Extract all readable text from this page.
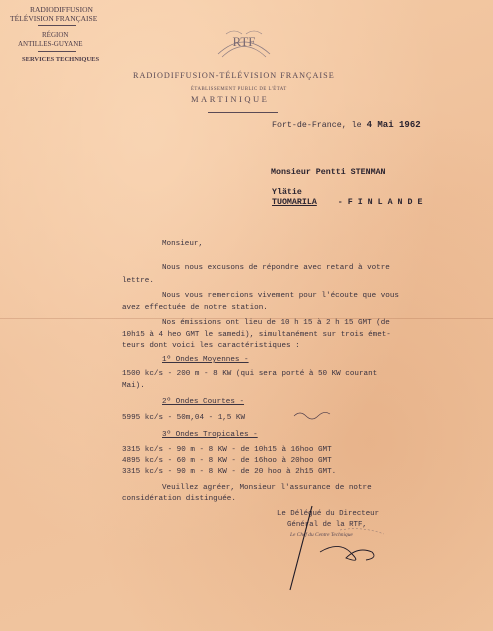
RADIODIFFUSION
TÉLÉVISION FRANÇAISE
RÉGION
ANTILLES-GUYANE
SERVICES TECHNIQUES
RTF
RADIODIFFUSION-TÉLÉVISION FRANÇAISE
ÉTABLISSEMENT PUBLIC DE L'ÉTAT
MARTINIQUE
Fort-de-France, le 4 Mai 1962
Monsieur Pentti STENMAN
Ylätie
TUOMARILA	- F I N L A N D E
Monsieur,
Nous nous excusons de répondre avec retard à votre
lettre.
Nous vous remercions vivement pour l'écoute que vous
avez effectuée de notre station.
Nos émissions ont lieu de 10 h 15 à 2 h 15 GMT (de
10h15 à 4 heo GMT le samedi), simultanément sur trois émet-
teurs dont voici les caractéristiques :
1º Ondes Moyennes -
1500 kc/s - 200 m - 8 KW (qui sera porté à 50 KW courant
Mai).
2º Ondes Courtes -
5995 kc/s - 50m,04 - 1,5 KW
3º Ondes Tropicales -
3315 kc/s - 90 m - 8 KW - de 10h15 à 16hoo GMT
4895 kc/s - 60 m - 8 KW - de 16hoo à 20hoo GMT
3315 kc/s - 90 m - 8 KW - de 20 hoo à 2h15 GMT.
Veuillez agréer, Monsieur l'assurance de notre
considération distinguée.
Le Délégué du Directeur
Général de la RTF,
Le Chef du Centre Technique
